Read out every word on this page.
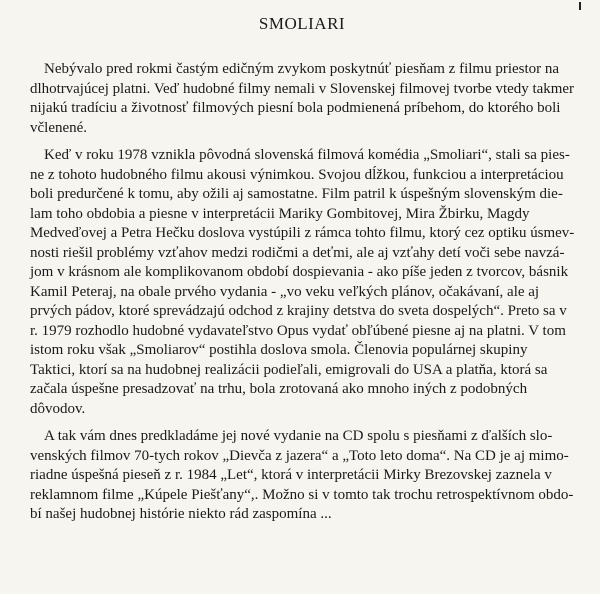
SMOLIARI
Nebývalo pred rokmi častým edičným zvykom poskytnúť piesňam z filmu priestor na
dlhotrvajúcej platni. Veď hudobné filmy nemali v Slovenskej filmovej tvorbe vtedy takmer
nijakú tradíciu a životnosť filmových piesní bola podmienená príbehom, do ktorého boli
včlenené.
Keď v roku 1978 vznikla pôvodná slovenská filmová komédia „Smoliari“, stali sa pies-
ne z tohoto hudobného filmu akousi výnimkou. Svojou dĺžkou, funkciou a interpretáciou
boli predurčené k tomu, aby ožili aj samostatne. Film patril k úspešným slovenským die-
lam toho obdobia a piesne v interpretácii Mariky Gombitovej, Mira Žbirku, Magdy
Medveďovej a Petra Hečku doslova vystúpili z rámca tohto filmu, ktorý cez optiku úsmev-
nosti riešil problémy vzťahov medzi rodičmi a deťmi, ale aj vzťahy detí voči sebe navzá-
jom v krásnom ale komplikovanom období dospievania - ako píše jeden z tvorcov, básnik
Kamil Peteraj, na obale prvého vydania - „vo veku veľkých plánov, očakávaní, ale aj
prvých pádov, ktoré sprevádzajú odchod z krajiny detstva do sveta dospelých“. Preto sa v
r. 1979 rozhodlo hudobné vydavateľstvo Opus vydať obľúbené piesne aj na platni. V tom
istom roku však „Smoliarov“ postihla doslova smola. Členovia populárnej skupiny
Taktici, ktorí sa na hudobnej realizácii podieľali, emigrovali do USA a platňa, ktorá sa
začala úspešne presadzovať na trhu, bola zrotovaná ako mnoho iných z podobných
dôvodov.
A tak vám dnes predkladáme jej nové vydanie na CD spolu s piesňami z ďalších slo-
venských filmov 70-tych rokov „Dievča z jazera“ a „Toto leto doma“. Na CD je aj mimo-
riadne úspešná pieseň z r. 1984 „Let“, ktorá v interpretácii Mirky Brezovskej zaznela v
reklamnom filme „Kúpele Piešťany“,. Možno si v tomto tak trochu retrospektívnom obdo-
bí našej hudobnej histórie niekto rád zaspomína ...
